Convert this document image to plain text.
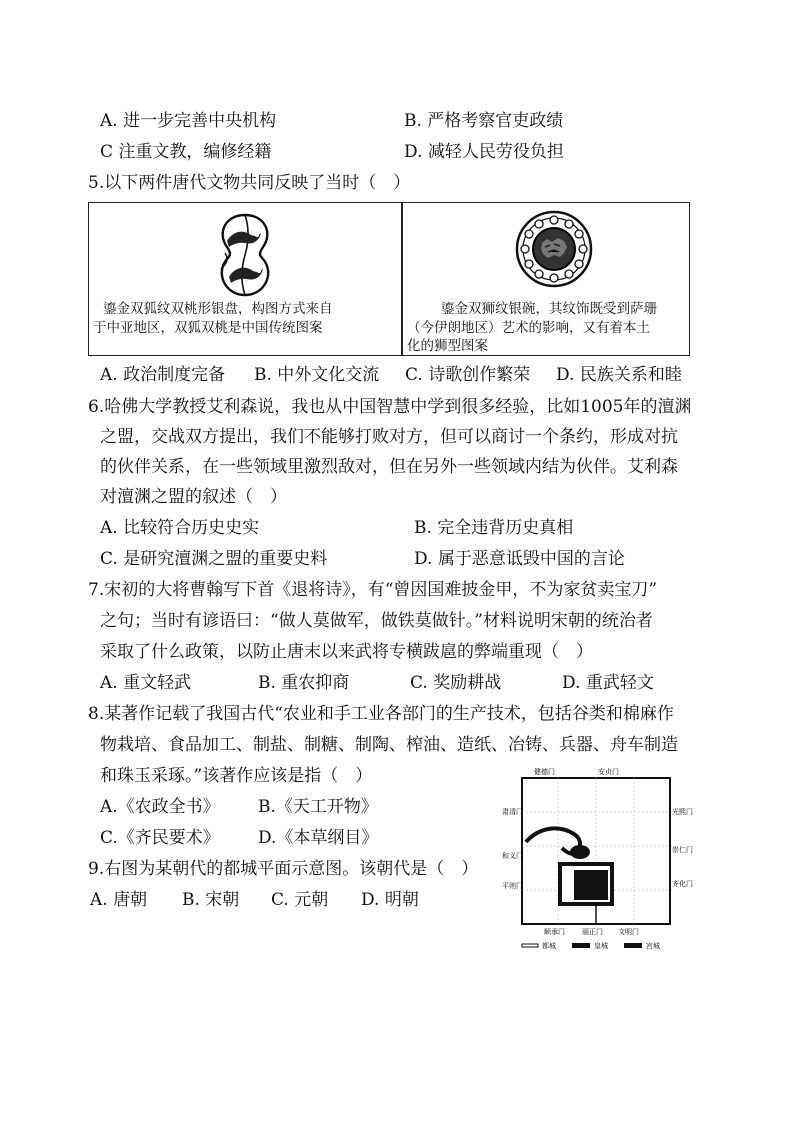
A. 进一步完善中央机构	B. 严格考察官吏政绩
C 注重文教，编修经籍	D. 减轻人民劳役负担
5.以下两件唐代文物共同反映了当时（　）
鎏金双狐纹双桃形银盘，构图方式来自
于中亚地区，双狐双桃是中国传统图案
鎏金双狮纹银碗，其纹饰既受到萨珊
（今伊朗地区）艺术的影响，又有着本土
化的狮型图案
A. 政治制度完备 B. 中外文化交流 C. 诗歌创作繁荣 D. 民族关系和睦
6.哈佛大学教授艾利森说，我也从中国智慧中学到很多经验，比如1005年的澶渊
之盟，交战双方提出，我们不能够打败对方，但可以商讨一个条约，形成对抗
的伙伴关系，在一些领域里激烈敌对，但在另外一些领域内结为伙伴。艾利森
对澶渊之盟的叙述（　）
A. 比较符合历史史实	B. 完全违背历史真相
C. 是研究澶渊之盟的重要史料	D. 属于恶意诋毁中国的言论
7.宋初的大将曹翰写下首《退将诗》，有“曾因国难披金甲，不为家贫卖宝刀”
之句；当时有谚语曰：“做人莫做军，做铁莫做针。”材料说明宋朝的统治者
采取了什么政策，以防止唐末以来武将专横跋扈的弊端重现（　）
A. 重文轻武	B. 重农抑商	C. 奖励耕战	D. 重武轻文
8.某著作记载了我国古代“农业和手工业各部门的生产技术，包括谷类和棉麻作
物栽培、食品加工、制盐、制糖、制陶、榨油、造纸、冶铸、兵器、舟车制造
和珠玉采琢。”该著作应该是指（　）
A.《农政全书》 B.《天工开物》
C.《齐民要术》 D.《本草纲目》
9.右图为某朝代的都城平面示意图。该朝代是（　）
A. 唐朝 B. 宋朝 C. 元朝 D. 明朝
健德门	安贞门
肃清门
和义门
平则门
光熙门
崇仁门
齐化门
顺承门 丽正门 文明门
都城	皇城	宫城
